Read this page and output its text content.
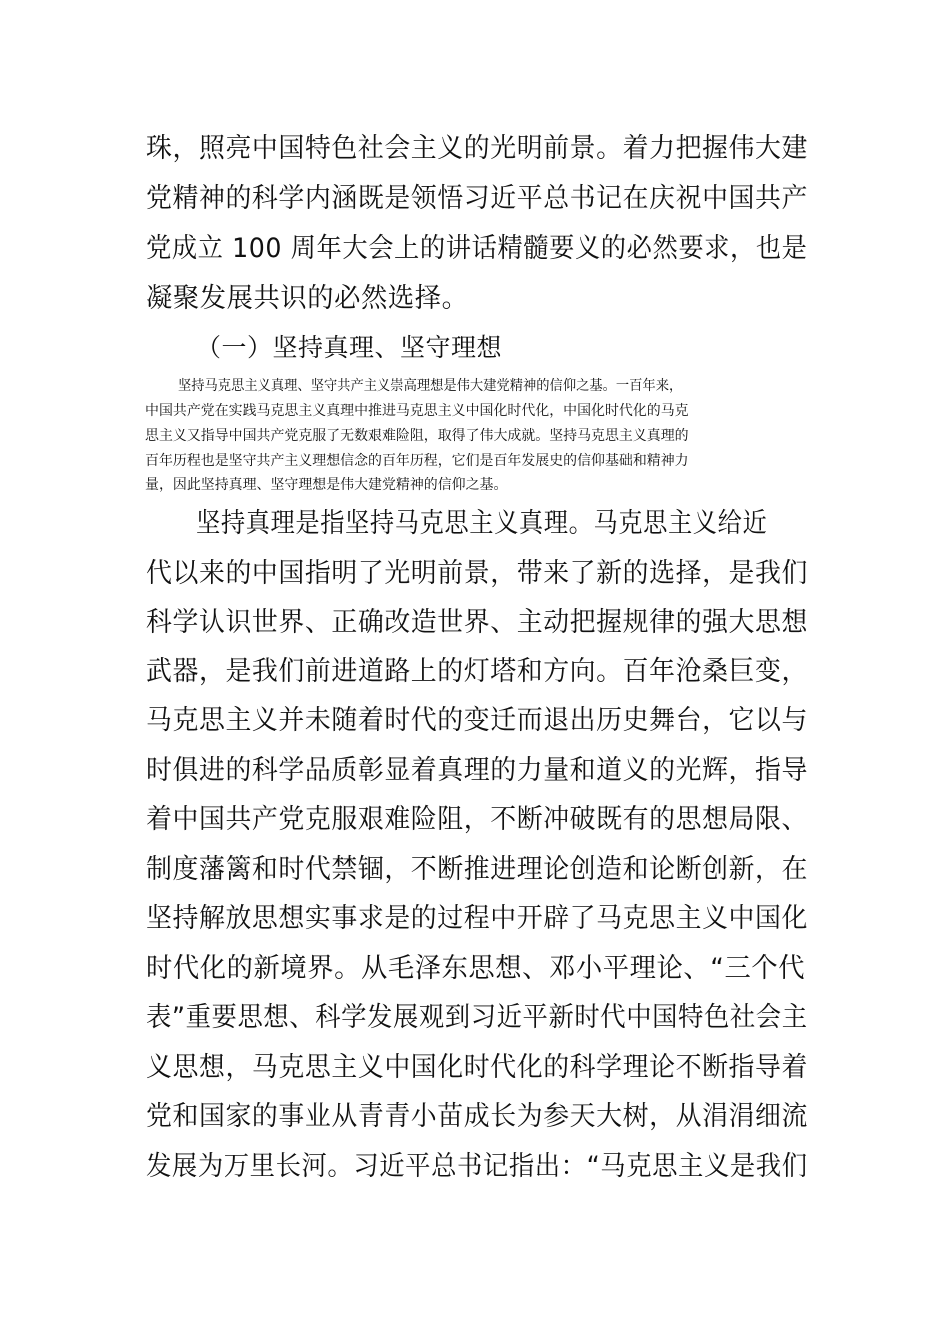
珠，照亮中国特色社会主义的光明前景。着力把握伟大建
党精神的科学内涵既是领悟习近平总书记在庆祝中国共产
党成立 100 周年大会上的讲话精髓要义的必然要求，也是
凝聚发展共识的必然选择。
（一）坚持真理、坚守理想
坚持马克思主义真理、坚守共产主义崇高理想是伟大建党精神的信仰之基。一百年来，
中国共产党在实践马克思主义真理中推进马克思主义中国化时代化，中国化时代化的马克
思主义又指导中国共产党克服了无数艰难险阻，取得了伟大成就。坚持马克思主义真理的
百年历程也是坚守共产主义理想信念的百年历程，它们是百年发展史的信仰基础和精神力
量，因此坚持真理、坚守理想是伟大建党精神的信仰之基。
坚持真理是指坚持马克思主义真理。马克思主义给近
代以来的中国指明了光明前景，带来了新的选择，是我们
科学认识世界、正确改造世界、主动把握规律的强大思想
武器，是我们前进道路上的灯塔和方向。百年沧桑巨变，
马克思主义并未随着时代的变迁而退出历史舞台，它以与
时俱进的科学品质彰显着真理的力量和道义的光辉，指导
着中国共产党克服艰难险阻，不断冲破既有的思想局限、
制度藩篱和时代禁锢，不断推进理论创造和论断创新，在
坚持解放思想实事求是的过程中开辟了马克思主义中国化
时代化的新境界。从毛泽东思想、邓小平理论、“三个代
表”重要思想、科学发展观到习近平新时代中国特色社会主
义思想，马克思主义中国化时代化的科学理论不断指导着
党和国家的事业从青青小苗成长为参天大树，从涓涓细流
发展为万里长河。习近平总书记指出：“马克思主义是我们
